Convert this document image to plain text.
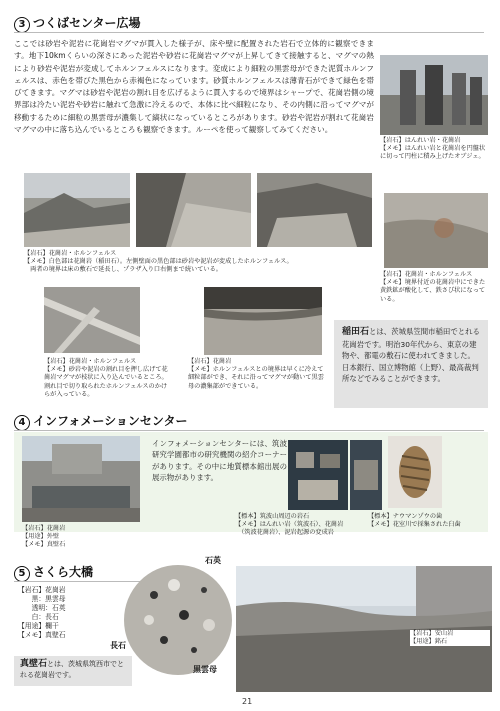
3 つくばセンター広場
ここでは砂岩や泥岩に花崗岩マグマが貫入した様子が、床や壁に配置された岩石で立体的に観察できます。地下10kmくらいの深さにあった泥岩や砂岩に花崗岩マグマが上昇してきて接触すると、マグマの熱により砂岩や泥岩が変成してホルンフェルスになります。変成により細粒の黒雲母ができた泥質ホルンフェルスは、赤色を帯びた黒色から赤褐色になっています。砂質ホルンフェルスは薄青石ができて緑色を帯びてきます。マグマは砂岩や泥岩の割れ目を広げるように貫入するので境界はシャープで、花崗岩側の境界部は冷たい泥岩や砂岩に触れて急激に冷えるので、本体に比べ細粒になり、その内側に沿ってマグマが移動するために細粒の黒雲母が濃集して縞状になっているところがあります。砂岩や泥岩が割れて花崗岩マグマの中に落ち込んでいるところも観察できます。ルーペを使って観察してみてください。
【岩石】はんれい岩・花崗岩
【メモ】はんれい岩と花崗岩を円盤状に切って円柱に積み上げたオブジェ。
【岩石】花崗岩・ホルンフェルス
【メモ】白色部は花崗岩（稲田石）。左側壁面の黒色部は砂岩や泥岩が変成したホルンフェルス。
　両者の境界は床の敷石で延長し、プラザ入り口右側まで続いている。
【岩石】花崗岩・ホルンフェルス
【メモ】境界付近の花崗岩中にできた黄鉄鉱が酸化して、鉄さび状になっている。
【岩石】花崗岩・ホルンフェルス
【メモ】砂岩や泥岩の割れ目を押し広げて花崗岩マグマが枝状に入り込んでいるところ。割れ目で切り取られたホルンフェルスのかけらが入っている。
【岩石】花崗岩
【メモ】ホルンフェルスとの境界は早くに冷えて細粒部ができ、それに沿ってマグマが動いて黒雲母の濃集部ができている。
稲田石とは、茨城県笠間市稲田でとれる花崗岩です。明治30年代から、東京の建物や、都電の敷石に使われてきました。日本銀行、国立博物館（上野）、最高裁判所などでみることができます。
4 インフォメーションセンター
インフォメーションセンターには、筑波研究学園都市の研究機関の紹介コーナーがあります。その中に地質標本館出展の展示物があります。
【岩石】花崗岩
【用途】外壁
【メモ】真壁石
【標本】筑波山周辺の岩石
【メモ】はんれい岩（筑波石）、花崗岩
　（筑波花崗岩）、泥岩起源の変成岩
【標本】ナウマンゾウの歯
【メモ】花室川で採集された臼歯
5 さくら大橋
【岩石】花崗岩
　　黒：黒雲母
　　透明：石英
　　白：長石
【用途】欄干
【メモ】真壁石
石英
長石
黒雲母
【岩石】安山岩
【用途】銘石
真壁石とは、茨城県筑西市でとれる花崗岩です。
21
